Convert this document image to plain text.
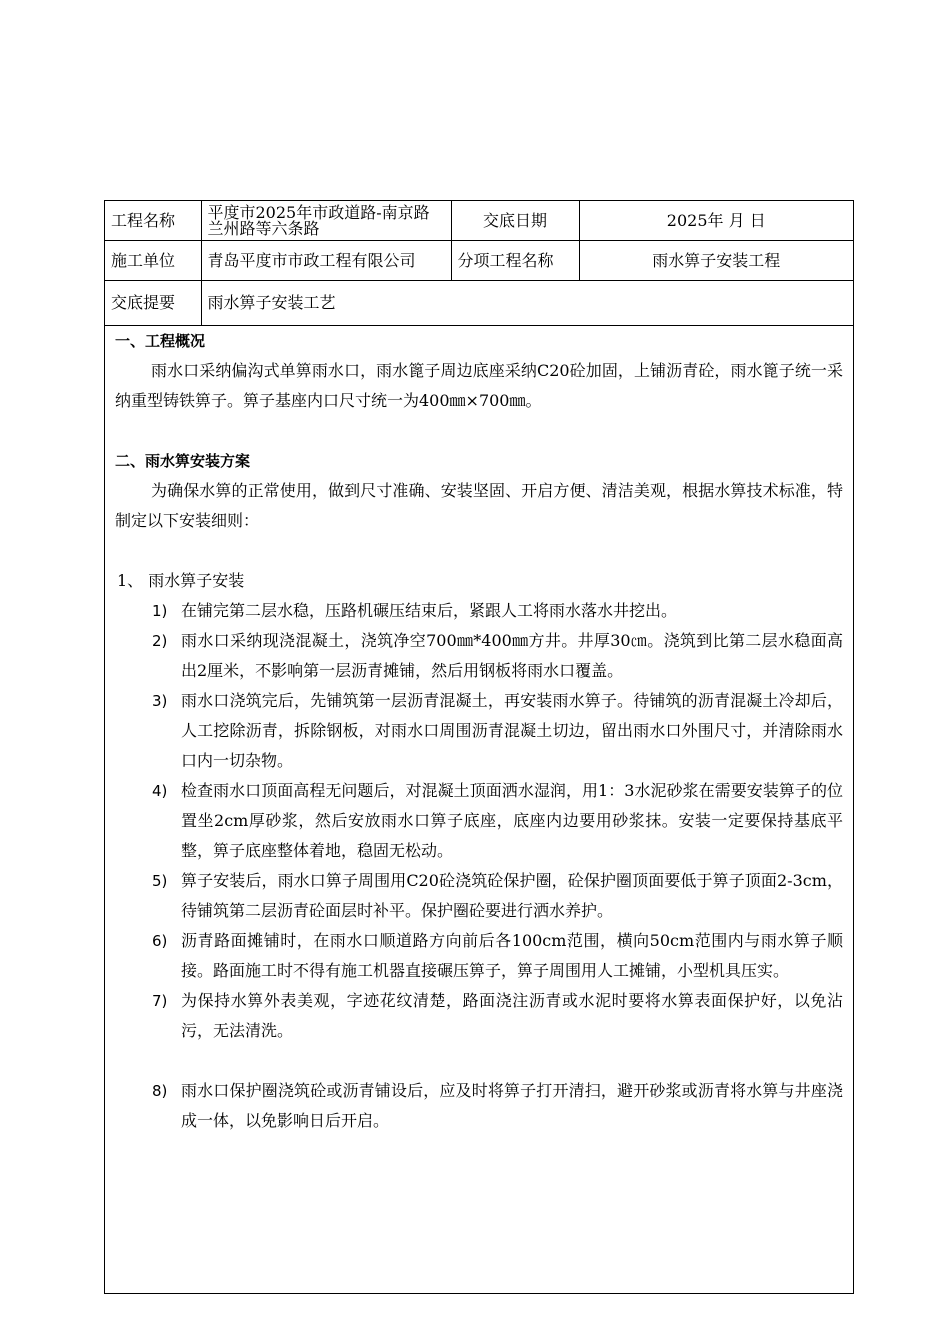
工程名称	平度市2025年市政道路-南京路兰州路等六条路	交底日期	2025年 月 日
施工单位	青岛平度市市政工程有限公司	分项工程名称	雨水箅子安装工程
交底提要	雨水箅子安装工艺		

一、工程概况

雨水口采纳偏沟式单箅雨水口，雨水篦子周边底座采纳C20砼加固，上铺沥青砼，雨水篦子统一采纳重型铸铁箅子。箅子基座内口尺寸统一为400㎜×700㎜。

二、雨水箅安装方案

为确保水箅的正常使用，做到尺寸准确、安装坚固、开启方便、清洁美观，根据水箅技术标准，特制定以下安装细则：

1、 雨水箅子安装

1) 在铺完第二层水稳，压路机碾压结束后，紧跟人工将雨水落水井挖出。
2) 雨水口采纳现浇混凝土，浇筑净空700㎜*400㎜方井。井厚30㎝。浇筑到比第二层水稳面高出2厘米，不影响第一层沥青摊铺，然后用钢板将雨水口覆盖。
3) 雨水口浇筑完后，先铺筑第一层沥青混凝土，再安装雨水箅子。待铺筑的沥青混凝土冷却后，人工挖除沥青，拆除钢板，对雨水口周围沥青混凝土切边，留出雨水口外围尺寸，并清除雨水口内一切杂物。
4) 检查雨水口顶面高程无问题后，对混凝土顶面洒水湿润，用1：3水泥砂浆在需要安装箅子的位置坐2cm厚砂浆，然后安放雨水口箅子底座，底座内边要用砂浆抹。安装一定要保持基底平整，箅子底座整体着地，稳固无松动。
5) 箅子安装后，雨水口箅子周围用C20砼浇筑砼保护圈，砼保护圈顶面要低于箅子顶面2-3cm，待铺筑第二层沥青砼面层时补平。保护圈砼要进行洒水养护。
6) 沥青路面摊铺时，在雨水口顺道路方向前后各100cm范围，横向50cm范围内与雨水箅子顺接。路面施工时不得有施工机器直接碾压箅子，箅子周围用人工摊铺，小型机具压实。
7) 为保持水箅外表美观，字迹花纹清楚，路面浇注沥青或水泥时要将水箅表面保护好，以免沾污，无法清洗。
8) 雨水口保护圈浇筑砼或沥青铺设后，应及时将箅子打开清扫，避开砂浆或沥青将水箅与井座浇成一体，以免影响日后开启。
